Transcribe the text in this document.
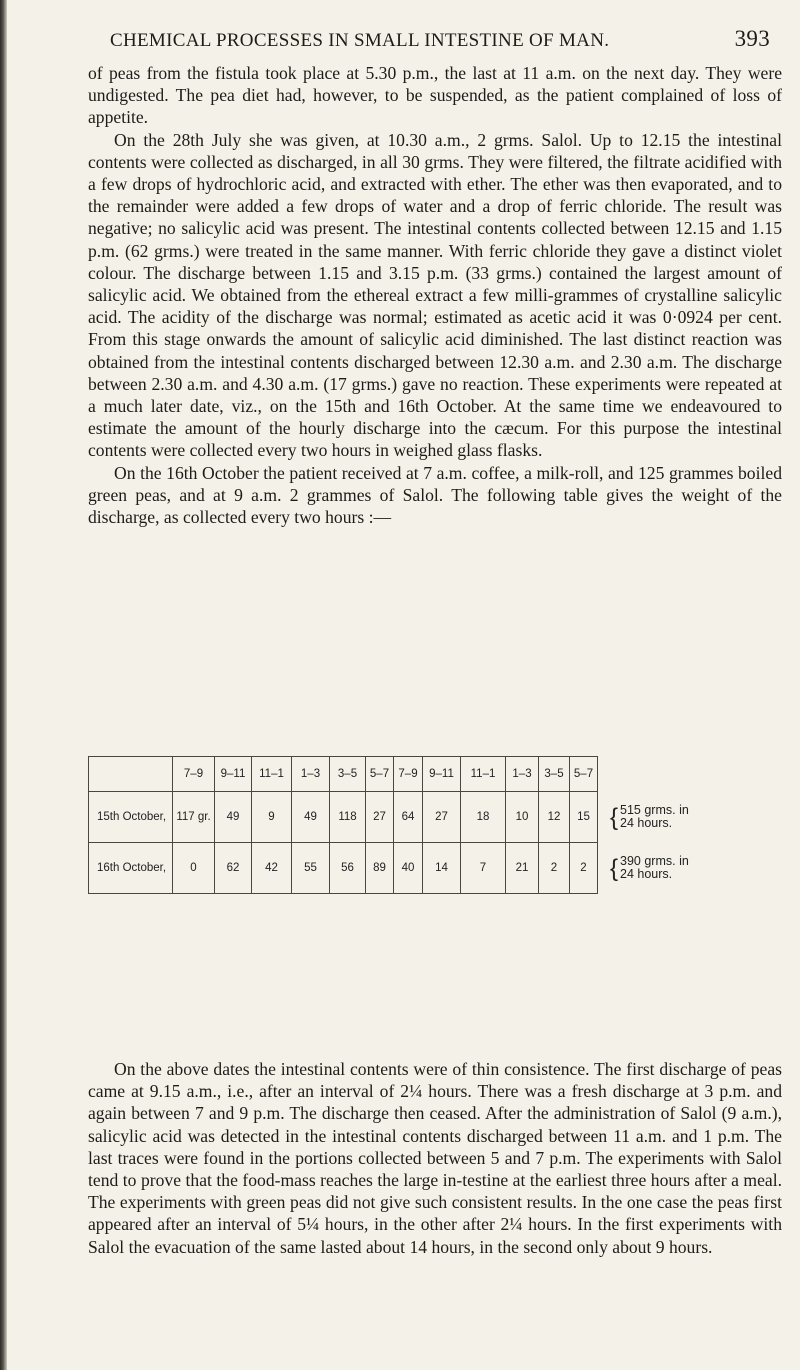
CHEMICAL PROCESSES IN SMALL INTESTINE OF MAN.	393

of peas from the fistula took place at 5.30 p.m., the last at 11 a.m. on the next day. They were undigested. The pea diet had, however, to be suspended, as the patient complained of loss of appetite.

On the 28th July she was given, at 10.30 a.m., 2 grms. Salol. Up to 12.15 the intestinal contents were collected as discharged, in all 30 grms. They were filtered, the filtrate acidified with a few drops of hydrochloric acid, and extracted with ether. The ether was then evaporated, and to the remainder were added a few drops of water and a drop of ferric chloride. The result was negative; no salicylic acid was present. The intestinal contents collected between 12.15 and 1.15 p.m. (62 grms.) were treated in the same manner. With ferric chloride they gave a distinct violet colour. The discharge between 1.15 and 3.15 p.m. (33 grms.) contained the largest amount of salicylic acid. We obtained from the ethereal extract a few milli-grammes of crystalline salicylic acid. The acidity of the discharge was normal; estimated as acetic acid it was 0·0924 per cent. From this stage onwards the amount of salicylic acid diminished. The last distinct reaction was obtained from the intestinal contents discharged between 12.30 a.m. and 2.30 a.m. The discharge between 2.30 a.m. and 4.30 a.m. (17 grms.) gave no reaction. These experiments were repeated at a much later date, viz., on the 15th and 16th October. At the same time we endeavoured to estimate the amount of the hourly discharge into the cæcum. For this purpose the intestinal contents were collected every two hours in weighed glass flasks.

On the 16th October the patient received at 7 a.m. coffee, a milk-roll, and 125 grammes boiled green peas, and at 9 a.m. 2 grammes of Salol. The following table gives the weight of the discharge, as collected every two hours :—

	7–9	9–11	11–1	1–3	3–5	5–7	7–9	9–11	11–1	1–3	3–5	5–7	
15th October,	117 gr.	49	9	49	118	27	64	27	18	10	12	15	{ 515 grms. in
24 hours.
16th October,	0	62	42	55	56	89	40	14	7	21	2	2	{ 390 grms. in
24 hours.

On the above dates the intestinal contents were of thin consistence. The first discharge of peas came at 9.15 a.m., i.e., after an interval of 2¼ hours. There was a fresh discharge at 3 p.m. and again between 7 and 9 p.m. The discharge then ceased. After the administration of Salol (9 a.m.), salicylic acid was detected in the intestinal contents discharged between 11 a.m. and 1 p.m. The last traces were found in the portions collected between 5 and 7 p.m. The experiments with Salol tend to prove that the food-mass reaches the large in-testine at the earliest three hours after a meal. The experiments with green peas did not give such consistent results. In the one case the peas first appeared after an interval of 5¼ hours, in the other after 2¼ hours. In the first experiments with Salol the evacuation of the same lasted about 14 hours, in the second only about 9 hours.
